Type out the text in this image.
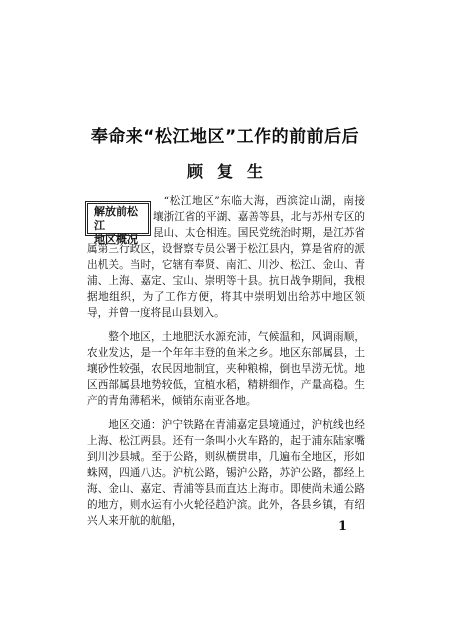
奉命来“松江地区”工作的前前后后
顾复生
解放前松江
地区概况

“松江地区”东临大海，西滨淀山湖，南接壤浙江省的平湖、嘉善等县，北与苏州专区的昆山、太仓相连。国民党统治时期，是江苏省属第三行政区，设督察专员公署于松江县内，算是省府的派出机关。当时，它辖有奉贤、南汇、川沙、松江、金山、青浦、上海、嘉定、宝山、崇明等十县。抗日战争期间，我根据地组织，为了工作方便，将其中崇明划出给苏中地区领导，并曾一度将昆山县划入。

整个地区，土地肥沃水源充沛，气候温和，风调雨顺，农业发达，是一个年年丰登的鱼米之乡。地区东部属县，土壤砂性较强，农民因地制宜，夹种粮棉，倒也旱涝无忧。地区西部属县地势较低，宜植水稻，精耕细作，产量高稳。生产的青角薄稻米，倾销东南亚各地。

地区交通：沪宁铁路在青浦嘉定县境通过，沪杭线也经上海、松江两县。还有一条叫小火车路的，起于浦东陆家嘴到川沙县城。至于公路，则纵横贯串，几遍布全地区，形如蛛网，四通八达。沪杭公路，锡沪公路，苏沪公路，都经上海、金山、嘉定、青浦等县而直达上海市。即使尚未通公路的地方，则水运有小火轮径趋沪滨。此外，各县乡镇，有绍兴人来开航的航船，	1
